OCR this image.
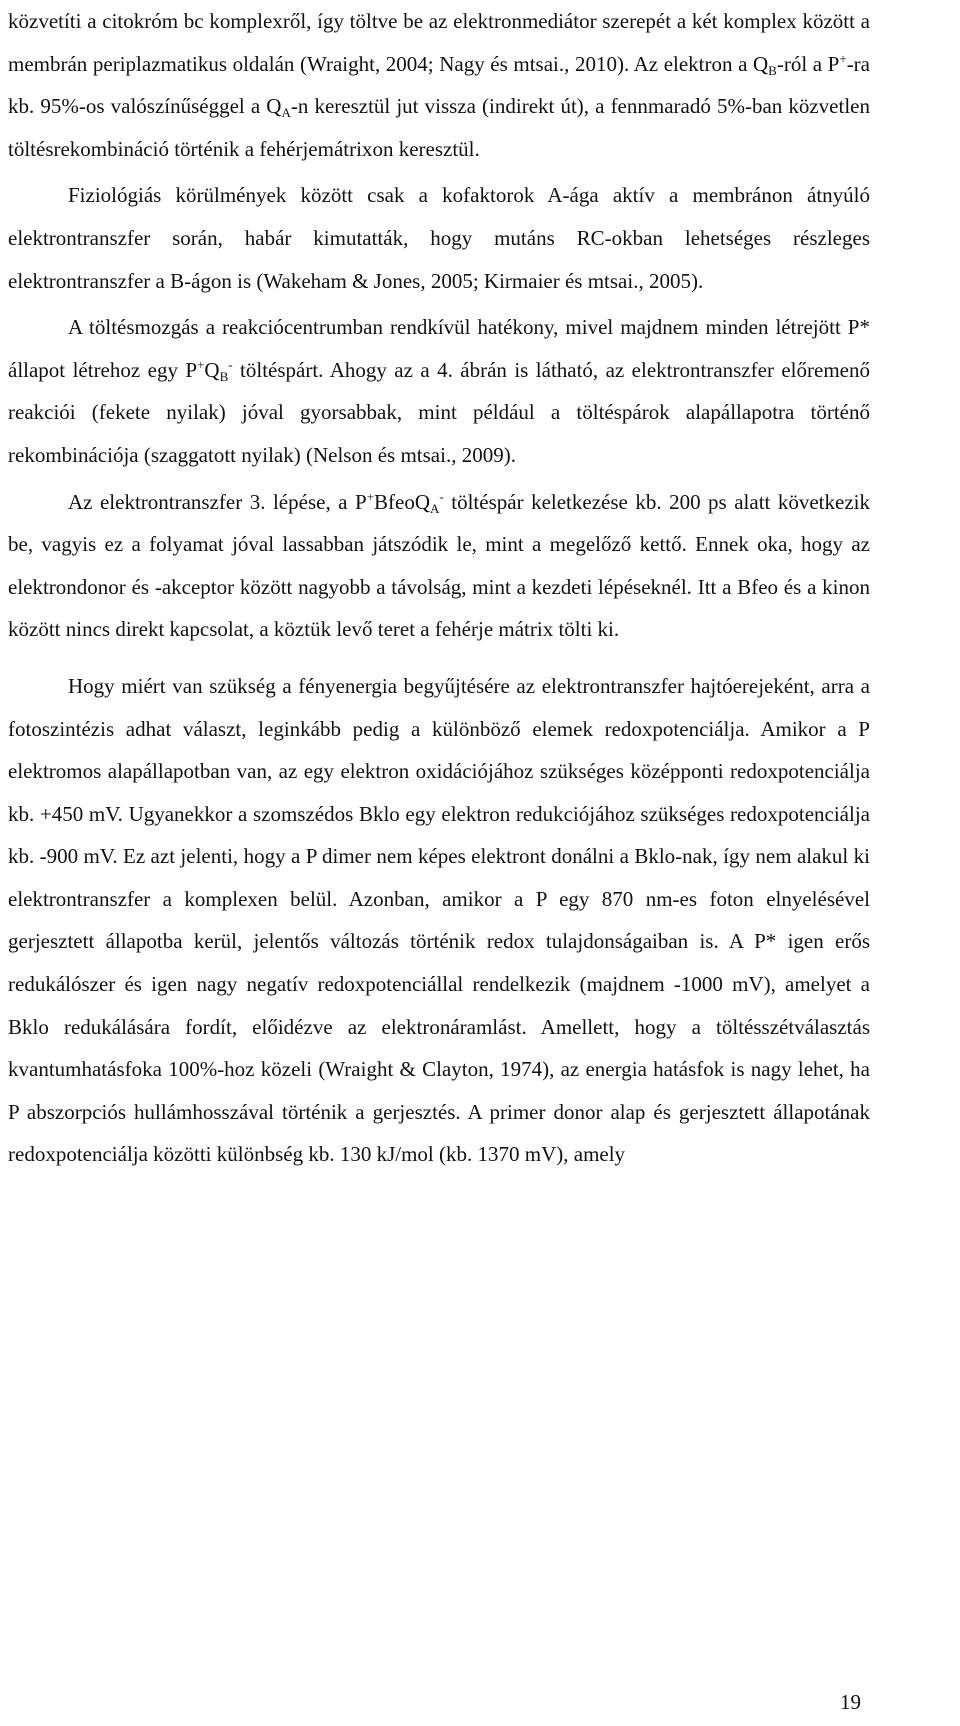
közvetíti a citokróm bc komplexről, így töltve be az elektronmediátor szerepét a két komplex között a membrán periplazmatikus oldalán (Wraight, 2004; Nagy és mtsai., 2010). Az elektron a $Q_B$-ról a P+-ra kb. 95%-os valószínűséggel a $Q_A-n$ keresztül jut vissza (indirekt út), a fennmaradó 5%-ban közvetlen töltésrekombináció történik a fehérjemátrixon keresztül.

Fiziológiás körülmények között csak a kofaktorok A-ága aktív a membránon átnyúló elektrontranszfer során, habár kimutatták, hogy mutáns RC-okban lehetséges részleges elektrontranszfer a B-ágon is (Wakeham & Jones, 2005; Kirmaier és mtsai., 2005).

A töltésmozgás a reakciócentrumban rendkívül hatékony, mivel majdnem minden létrejött P* állapot létrehoz egy $P^+Q_B^-$ töltéspárt. Ahogy az a 4. ábrán is látható, az elektrontranszfer előremenő reakciói (fekete nyilak) jóval gyorsabbak, mint például a töltéspárok alapállapotra történő rekombinációja (szaggatott nyilak) (Nelson és mtsai., 2009).

Az elektrontranszfer 3. lépése, a P+BfeoQ$_A$- töltéspár keletkezése kb. 200 ps alatt következik be, vagyis ez a folyamat jóval lassabban játszódik le, mint a megelőző kettő. Ennek oka, hogy az elektrondonor és -akceptor között nagyobb a távolság, mint a kezdeti lépéseknél. Itt a Bfeo és a kinon között nincs direkt kapcsolat, a köztük levő teret a fehérje mátrix tölti ki.

Hogy miért van szükség a fényenergia begyűjtésére az elektrontranszfer hajtóerejeként, arra a fotoszintézis adhat választ, leginkább pedig a különböző elemek redoxpotenciálja. Amikor a P elektromos alapállapotban van, az egy elektron oxidációjához szükséges középponti redoxpotenciálja kb. +450 mV. Ugyanekkor a szomszédos Bklo egy elektron redukciójához szükséges redoxpotenciálja kb. -900 mV. Ez azt jelenti, hogy a P dimer nem képes elektront donálni a Bklo-nak, így nem alakul ki elektrontranszfer a komplexen belül. Azonban, amikor a P egy 870 nm-es foton elnyelésével gerjesztett állapotba kerül, jelentős változás történik redox tulajdonságaiban is. A P* igen erős redukálószer és igen nagy negatív redoxpotenciállal rendelkezik (majdnem -1000 mV), amelyet a Bklo redukálására fordít, előidézve az elektronáramlást. Amellett, hogy a töltésszétválasztás kvantumhatásfoka 100%-hoz közeli (Wraight & Clayton, 1974), az energia hatásfok is nagy lehet, ha P abszorpciós hullámhosszával történik a gerjesztés. A primer donor alap és gerjesztett állapotának redoxpotenciálja közötti különbség kb. 130 kJ/mol (kb. 1370 mV), amely

19
